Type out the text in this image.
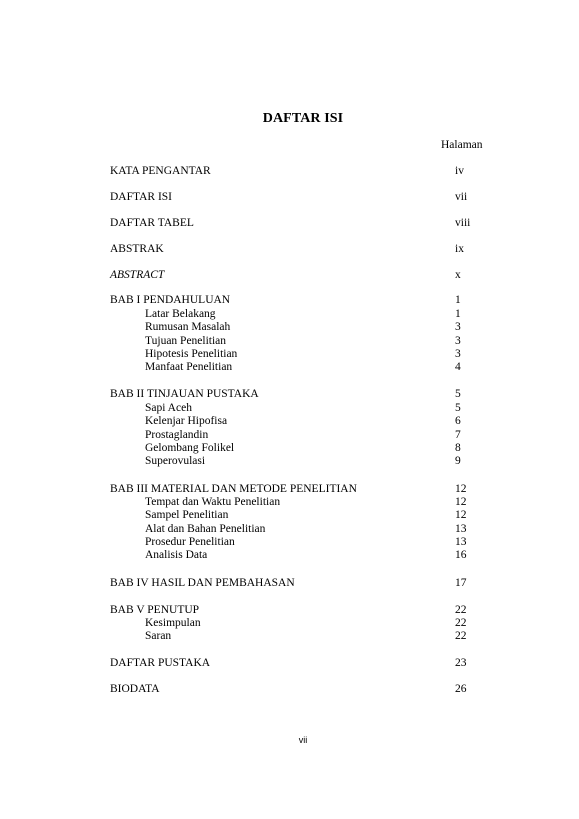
DAFTAR ISI
Halaman
KATA PENGANTAR	iv
DAFTAR ISI	vii
DAFTAR TABEL	viii
ABSTRAK	ix
ABSTRACT	x
BAB I PENDAHULUAN	1
Latar Belakang	1
Rumusan Masalah	3
Tujuan Penelitian	3
Hipotesis Penelitian	3
Manfaat Penelitian	4
BAB II TINJAUAN PUSTAKA	5
Sapi Aceh	5
Kelenjar Hipofisa	6
Prostaglandin	7
Gelombang Folikel	8
Superovulasi	9
BAB III MATERIAL DAN METODE PENELITIAN	12
Tempat dan Waktu Penelitian	12
Sampel Penelitian	12
Alat dan Bahan Penelitian	13
Prosedur Penelitian	13
Analisis Data	16
BAB IV HASIL DAN PEMBAHASAN	17
BAB V PENUTUP	22
Kesimpulan	22
Saran	22
DAFTAR PUSTAKA	23
BIODATA	26
vii
